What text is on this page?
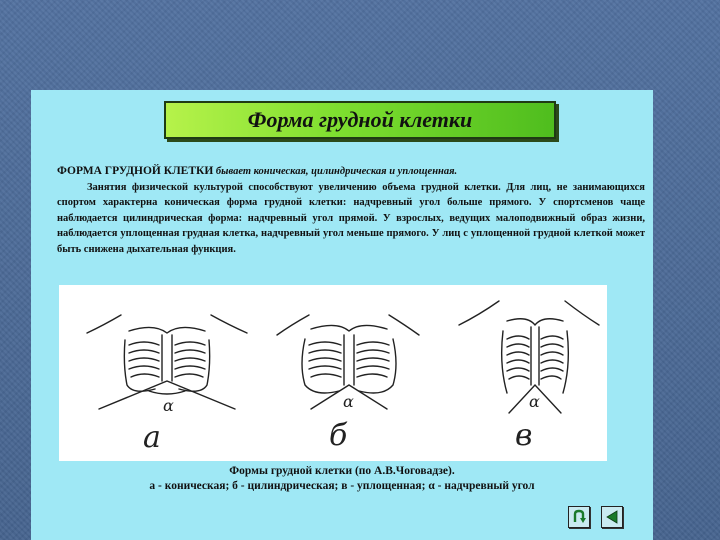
Форма грудной клетки

ФОРМА ГРУДНОЙ КЛЕТКИ бывает коническая, цилиндрическая и уплощенная.
Занятия физической культурой способствуют увеличению объема грудной клетки. Для лиц, не занимающихся спортом характерна коническая форма грудной клетки: надчревный угол больше прямого. У спортсменов чаще наблюдается цилиндрическая форма: надчревный угол прямой. У взрослых, ведущих малоподвижный образ жизни, наблюдается уплощенная грудная клетка, надчревный угол меньше прямого. У лиц с уплощенной грудной клеткой может быть снижена дыхательная функция.

α	α	α
а	б	в
Формы грудной клетки (по А.В.Чоговадзе).
а - коническая; б - цилиндрическая; в - уплощенная; α - надчревный угол
